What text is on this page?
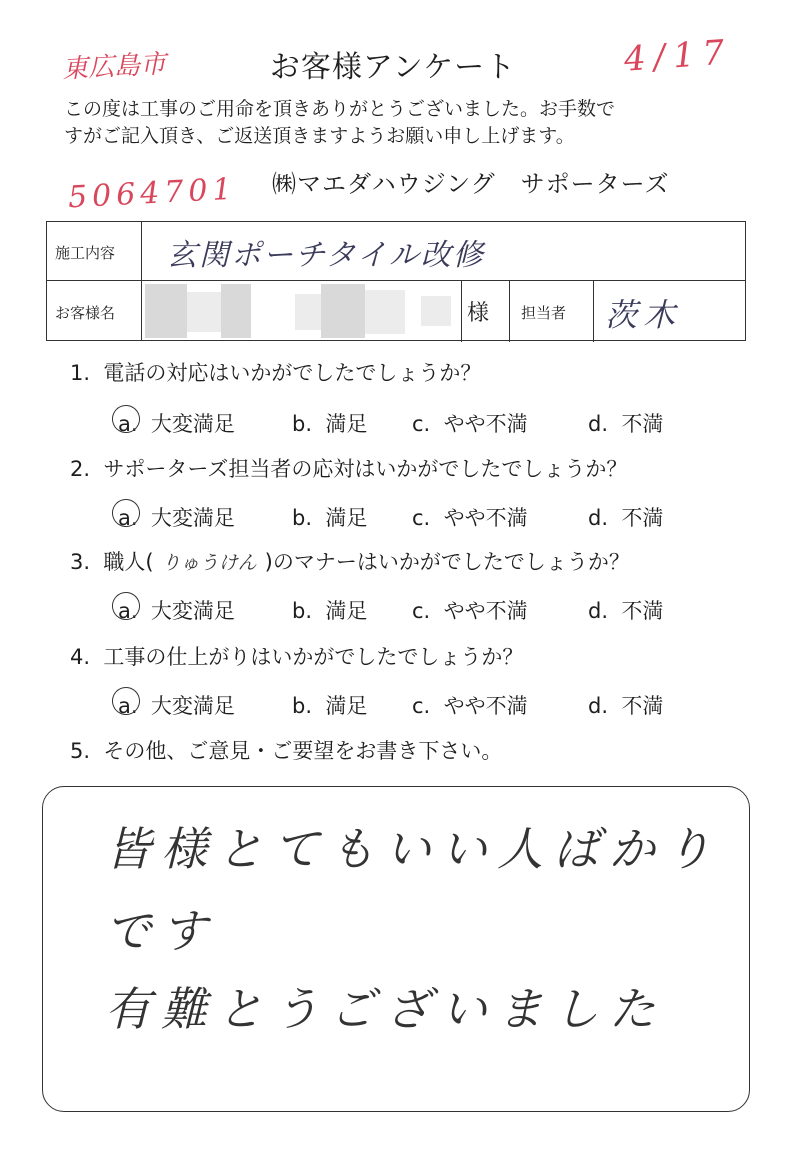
東広島市	お客様アンケート	4/17
この度は工事のご用命を頂きありがとうございました。お手数で
すがご記入頂き、ご返送頂きますようお願い申し上げます。
5064701 ㈱マエダハウジング　サポーターズ
施工内容 玄関ポーチタイル改修
お客様名	様 担当者 茨木
1. 電話の対応はいかがでしたでしょうか？
a. 大変満足	b. 満足 c. やや不満	d. 不満
2. サポーターズ担当者の応対はいかがでしたでしょうか？
a. 大変満足	b. 満足 c. やや不満	d. 不満
3. 職人( りゅうけん )のマナーはいかがでしたでしょうか？
a. 大変満足	b. 満足 c. やや不満	d. 不満
4. 工事の仕上がりはいかがでしたでしょうか？
a. 大変満足	b. 満足 c. やや不満	d. 不満
5. その他、ご意見・ご要望をお書き下さい。
皆様とてもいい人ばかり
です
有難とうございました
